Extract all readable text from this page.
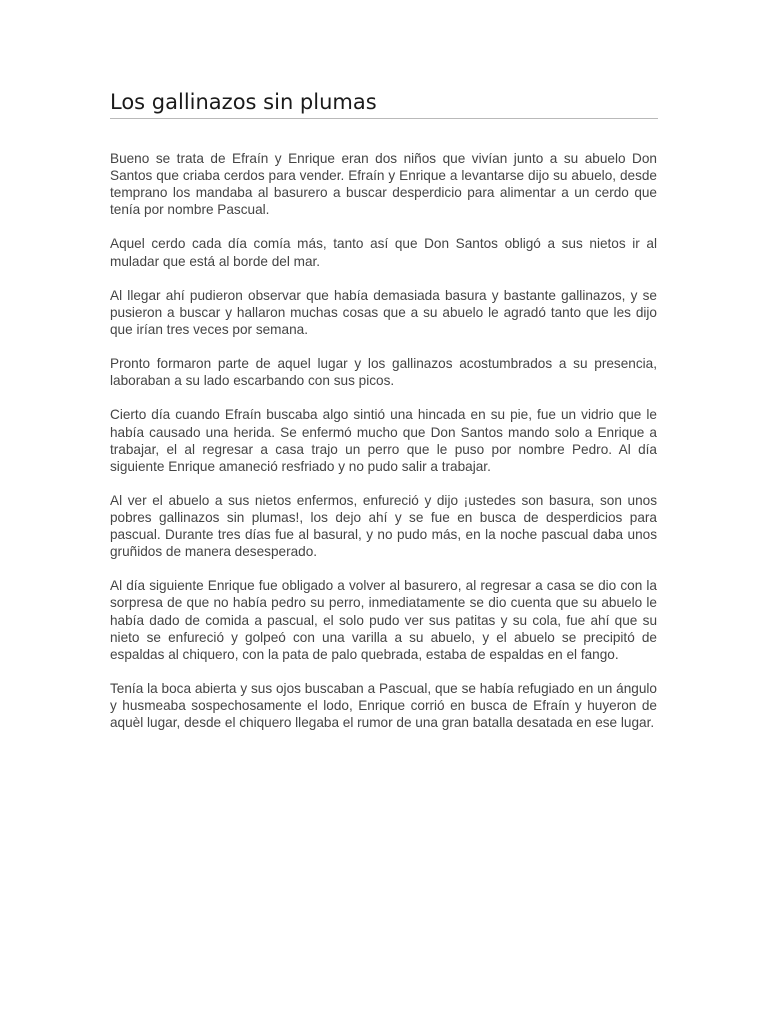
Los gallinazos sin plumas

Bueno se trata de Efraín y Enrique eran dos niños que vivían junto a su abuelo Don Santos que criaba cerdos para vender. Efraín y Enrique a levantarse dijo su abuelo, desde temprano los mandaba al basurero a buscar desperdicio para alimentar a un cerdo que tenía por nombre Pascual.

Aquel cerdo cada día comía más, tanto así que Don Santos obligó a sus nietos ir al muladar que está al borde del mar.

Al llegar ahí pudieron observar que había demasiada basura y bastante gallinazos, y se pusieron a buscar y hallaron muchas cosas que a su abuelo le agradó tanto que les dijo que irían tres veces por semana.

Pronto formaron parte de aquel lugar y los gallinazos acostumbrados a su presencia, laboraban a su lado escarbando con sus picos.

Cierto día cuando Efraín buscaba algo sintió una hincada en su pie, fue un vidrio que le había causado una herida. Se enfermó mucho que Don Santos mando solo a Enrique a trabajar, el al regresar a casa trajo un perro que le puso por nombre Pedro. Al día siguiente Enrique amaneció resfriado y no pudo salir a trabajar.

Al ver el abuelo a sus nietos enfermos, enfureció y dijo ¡ustedes son basura, son unos pobres gallinazos sin plumas!, los dejo ahí y se fue en busca de desperdicios para pascual. Durante tres días fue al basural, y no pudo más, en la noche pascual daba unos gruñidos de manera desesperado.

Al día siguiente Enrique fue obligado a volver al basurero, al regresar a casa se dio con la sorpresa de que no había pedro su perro, inmediatamente se dio cuenta que su abuelo le había dado de comida a pascual, el solo pudo ver sus patitas y su cola, fue ahí que su nieto se enfureció y golpeó con una varilla a su abuelo, y el abuelo se precipitó de espaldas al chiquero, con la pata de palo quebrada, estaba de espaldas en el fango.

Tenía la boca abierta y sus ojos buscaban a Pascual, que se había refugiado en un ángulo y husmeaba sospechosamente el lodo, Enrique corrió en busca de Efraín y huyeron de aquèl lugar, desde el chiquero llegaba el rumor de una gran batalla desatada en ese lugar.
